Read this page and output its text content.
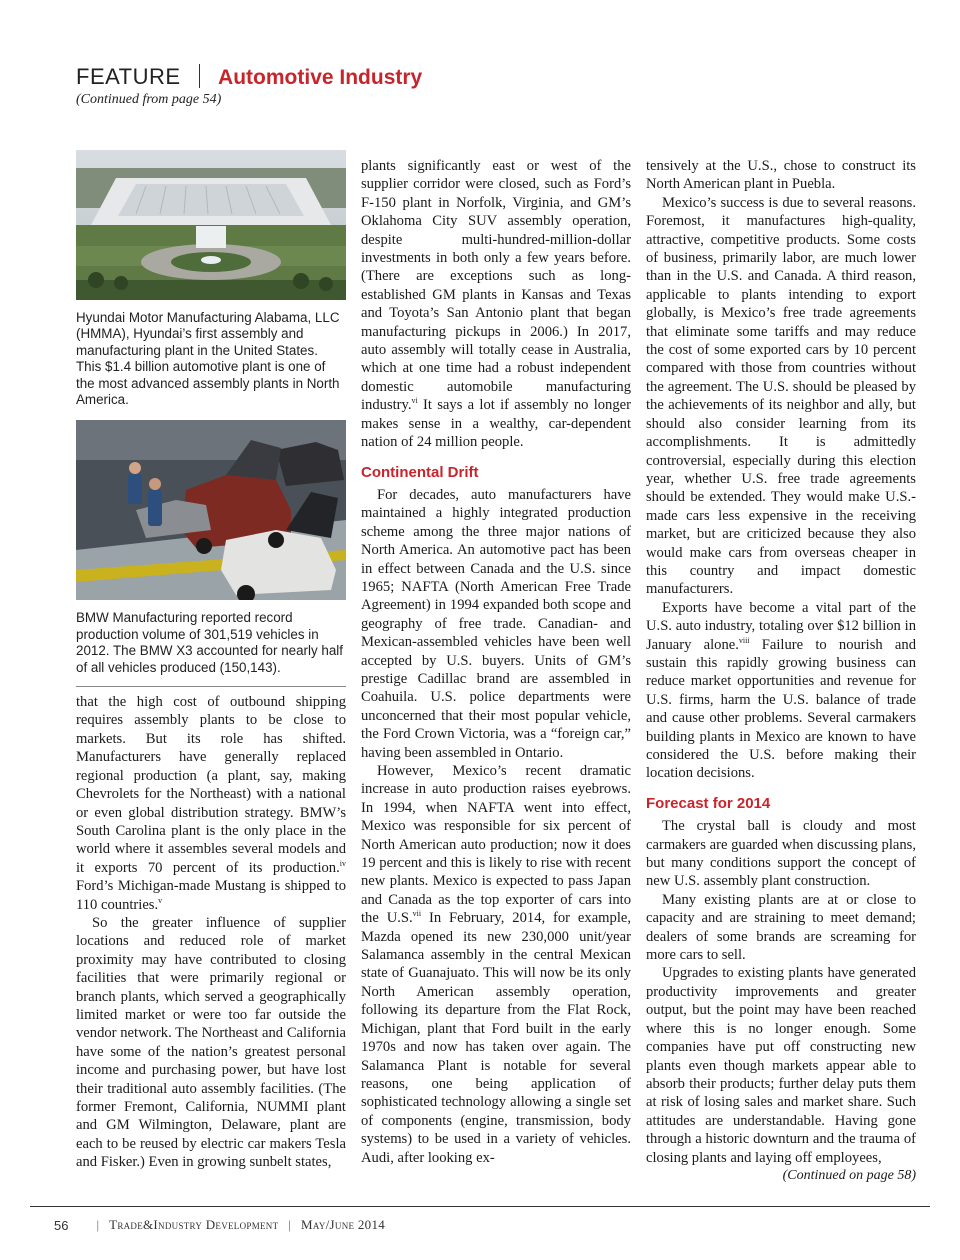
FEATURE Automotive Industry
(Continued from page 54)
Hyundai Motor Manufacturing Alabama, LLC (HMMA), Hyundai’s first assembly and manufacturing plant in the United States. This $1.4 billion automotive plant is one of the most advanced assembly plants in North America.
BMW Manufacturing reported record production volume of 301,519 vehicles in 2012. The BMW X3 accounted for nearly half of all vehicles produced (150,143).

that the high cost of outbound shipping requires assembly plants to be close to markets. But its role has shifted. Manufacturers have generally replaced regional production (a plant, say, making Chevrolets for the Northeast) with a national or even global distribution strategy. BMW’s South Carolina plant is the only place in the world where it assembles several models and it exports 70 percent of its production.$^{iv}$ Ford’s Michigan-made Mustang is shipped to 110 countries.$^v$

So the greater influence of supplier locations and reduced role of market proximity may have contributed to closing facilities that were primarily regional or branch plants, which served a geographically limited market or were too far outside the vendor network. The Northeast and California have some of the nation’s greatest personal income and purchasing power, but have lost their traditional auto assembly facilities. (The former Fremont, California, NUMMI plant and GM Wilmington, Delaware, plant are each to be reused by electric car makers Tesla and Fisker.) Even in growing sunbelt states,

plants significantly east or west of the supplier corridor were closed, such as Ford’s F-150 plant in Norfolk, Virginia, and GM’s Oklahoma City SUV assembly operation, despite multi-hundred-million-dollar investments in both only a few years before. (There are exceptions such as long-established GM plants in Kansas and Texas and Toyota’s San Antonio plant that began manufacturing pickups in 2006.) In 2017, auto assembly will totally cease in Australia, which at one time had a robust independent domestic automobile manufacturing industry.$^{vi}$ It says a lot if assembly no longer makes sense in a wealthy, car-dependent nation of 24 million people.

Continental Drift

For decades, auto manufacturers have maintained a highly integrated production scheme among the three major nations of North America. An automotive pact has been in effect between Canada and the U.S. since 1965; NAFTA (North American Free Trade Agreement) in 1994 expanded both scope and geography of free trade. Canadian- and Mexican-assembled vehicles have been well accepted by U.S. buyers. Units of GM’s prestige Cadillac brand are assembled in Coahuila. U.S. police departments were unconcerned that their most popular vehicle, the Ford Crown Victoria, was a “foreign car,” having been assembled in Ontario.

However, Mexico’s recent dramatic increase in auto production raises eyebrows. In 1994, when NAFTA went into effect, Mexico was responsible for six percent of North American auto production; now it does 19 percent and this is likely to rise with recent new plants. Mexico is expected to pass Japan and Canada as the top exporter of cars into the U.S.$^{vii}$ In February, 2014, for example, Mazda opened its new 230,000 unit/year Salamanca assembly in the central Mexican state of Guanajuato. This will now be its only North American assembly operation, following its departure from the Flat Rock, Michigan, plant that Ford built in the early 1970s and now has taken over again. The Salamanca Plant is notable for several reasons, one being application of sophisticated technology allowing a single set of components (engine, transmission, body systems) to be used in a variety of vehicles. Audi, after looking ex-

tensively at the U.S., chose to construct its North American plant in Puebla.

Mexico’s success is due to several reasons. Foremost, it manufactures high-quality, attractive, competitive products. Some costs of business, primarily labor, are much lower than in the U.S. and Canada. A third reason, applicable to plants intending to export globally, is Mexico’s free trade agreements that eliminate some tariffs and may reduce the cost of some exported cars by 10 percent compared with those from countries without the agreement. The U.S. should be pleased by the achievements of its neighbor and ally, but should also consider learning from its accomplishments. It is admittedly controversial, especially during this election year, whether U.S. free trade agreements should be extended. They would make U.S.-made cars less expensive in the receiving market, but are criticized because they also would make cars from overseas cheaper in this country and impact domestic manufacturers.

Exports have become a vital part of the U.S. auto industry, totaling over $12 billion in January alone.$^{viii}$ Failure to nourish and sustain this rapidly growing business can reduce market opportunities and revenue for U.S. firms, harm the U.S. balance of trade and cause other problems. Several carmakers building plants in Mexico are known to have considered the U.S. before making their location decisions.

Forecast for 2014

The crystal ball is cloudy and most carmakers are guarded when discussing plans, but many conditions support the concept of new U.S. assembly plant construction.

Many existing plants are at or close to capacity and are straining to meet demand; dealers of some brands are screaming for more cars to sell.

Upgrades to existing plants have generated productivity improvements and greater output, but the point may have been reached where this is no longer enough. Some companies have put off constructing new plants even though markets appear able to absorb their products; further delay puts them at risk of losing sales and market share. Such attitudes are understandable. Having gone through a historic downturn and the trauma of closing plants and laying off employees,
(Continued on page 58)

56 | Trade&Industry Development | May/June 2014
